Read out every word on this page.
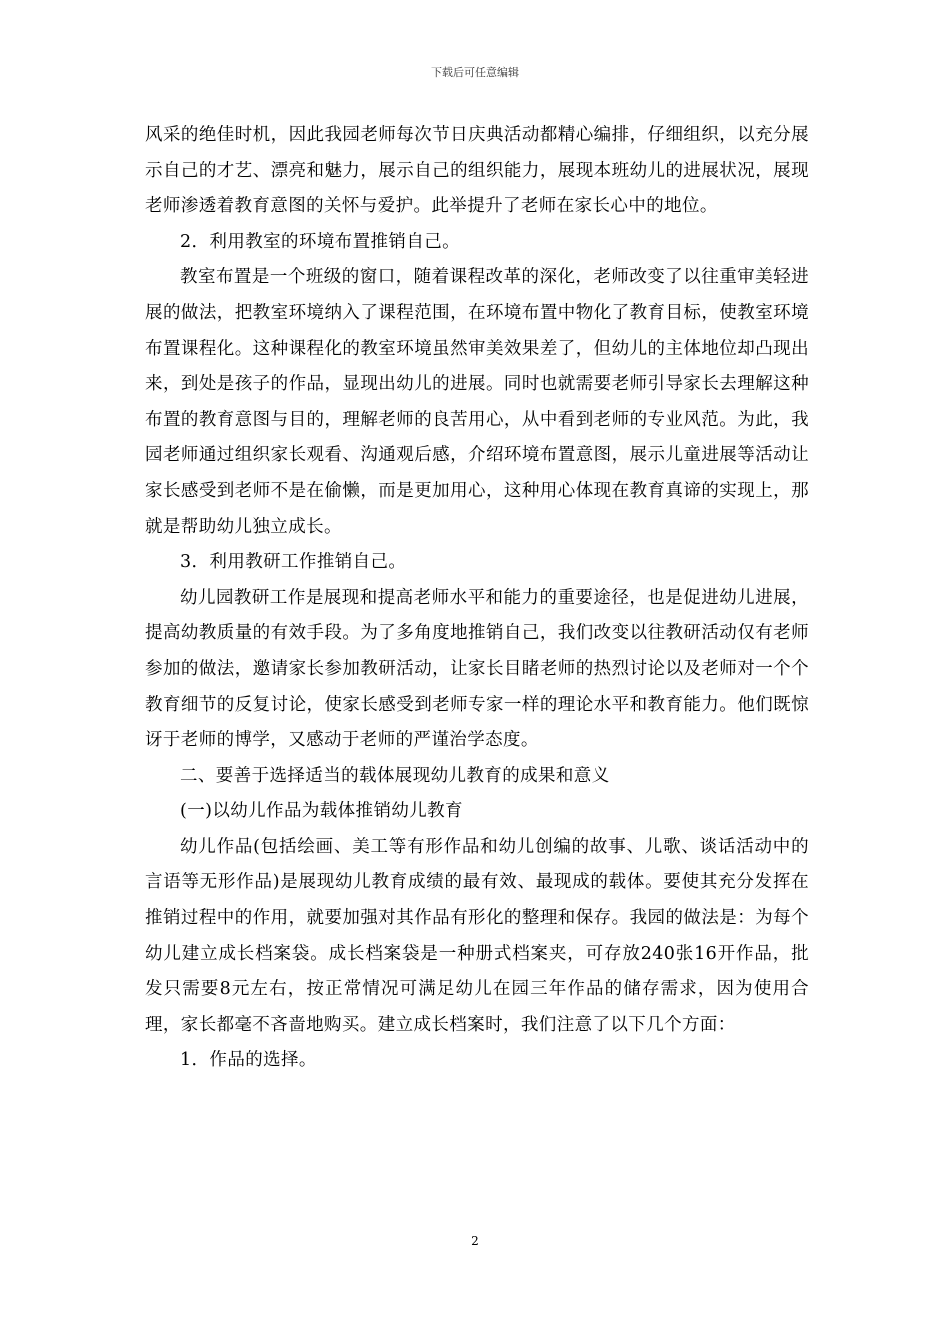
下载后可任意编辑

风采的绝佳时机，因此我园老师每次节日庆典活动都精心编排，仔细组织，以充分展示自己的才艺、漂亮和魅力，展示自己的组织能力，展现本班幼儿的进展状况，展现老师渗透着教育意图的关怀与爱护。此举提升了老师在家长心中的地位。

2．利用教室的环境布置推销自己。

教室布置是一个班级的窗口，随着课程改革的深化，老师改变了以往重审美轻进展的做法，把教室环境纳入了课程范围，在环境布置中物化了教育目标，使教室环境布置课程化。这种课程化的教室环境虽然审美效果差了，但幼儿的主体地位却凸现出来，到处是孩子的作品，显现出幼儿的进展。同时也就需要老师引导家长去理解这种布置的教育意图与目的，理解老师的良苦用心，从中看到老师的专业风范。为此，我园老师通过组织家长观看、沟通观后感，介绍环境布置意图，展示儿童进展等活动让家长感受到老师不是在偷懒，而是更加用心，这种用心体现在教育真谛的实现上，那就是帮助幼儿独立成长。

3．利用教研工作推销自己。

幼儿园教研工作是展现和提高老师水平和能力的重要途径，也是促进幼儿进展，提高幼教质量的有效手段。为了多角度地推销自己，我们改变以往教研活动仅有老师参加的做法，邀请家长参加教研活动，让家长目睹老师的热烈讨论以及老师对一个个教育细节的反复讨论，使家长感受到老师专家一样的理论水平和教育能力。他们既惊讶于老师的博学，又感动于老师的严谨治学态度。

二、要善于选择适当的载体展现幼儿教育的成果和意义

(一)以幼儿作品为载体推销幼儿教育

幼儿作品(包括绘画、美工等有形作品和幼儿创编的故事、儿歌、谈话活动中的言语等无形作品)是展现幼儿教育成绩的最有效、最现成的载体。要使其充分发挥在推销过程中的作用，就要加强对其作品有形化的整理和保存。我园的做法是：为每个幼儿建立成长档案袋。成长档案袋是一种册式档案夹，可存放240张16开作品，批发只需要8元左右，按正常情况可满足幼儿在园三年作品的储存需求，因为使用合理，家长都毫不吝啬地购买。建立成长档案时，我们注意了以下几个方面：

1．作品的选择。

2
